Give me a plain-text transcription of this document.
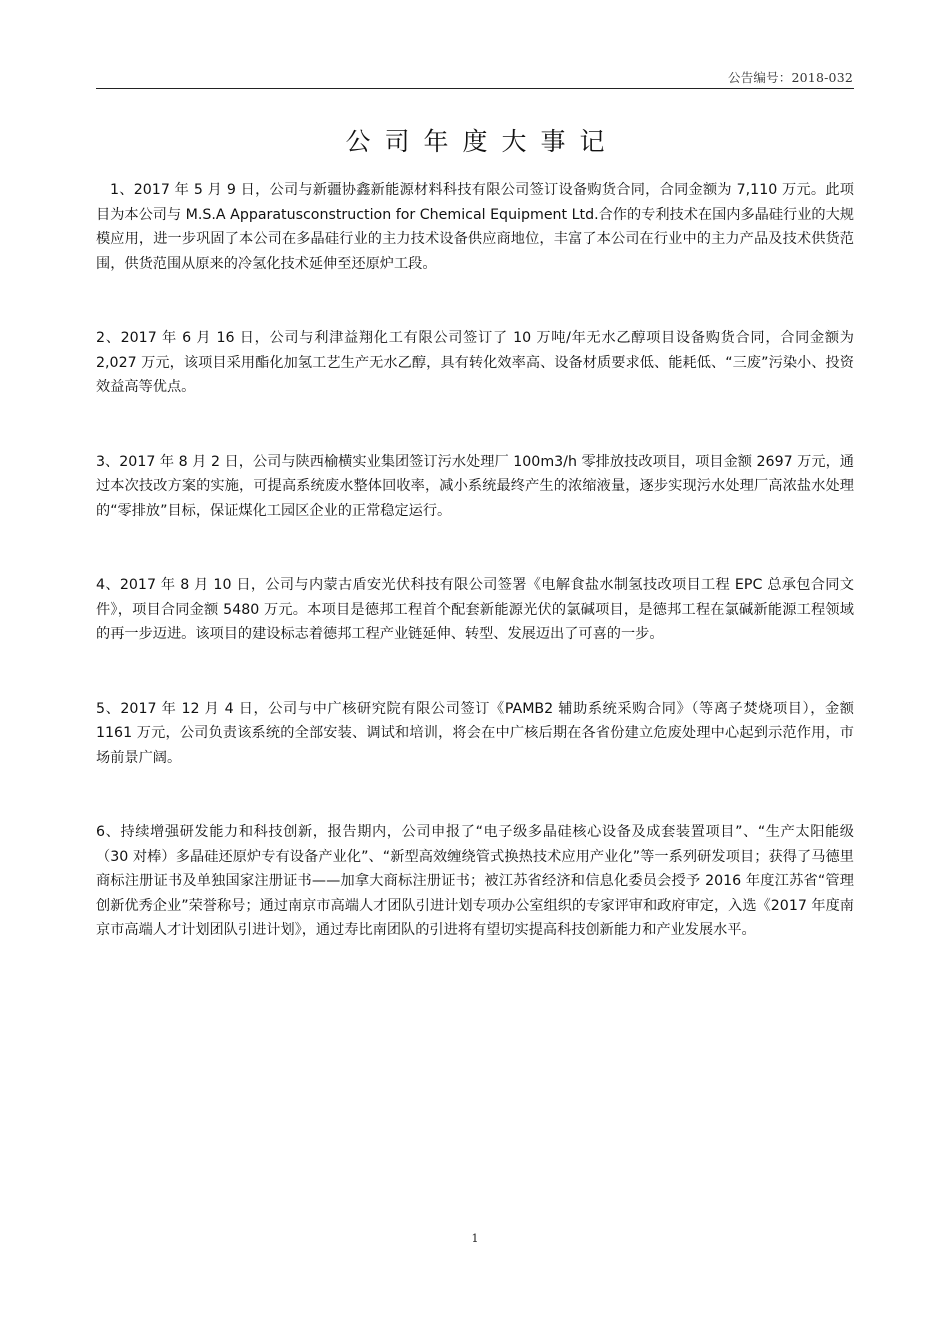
公告编号：2018-032
公司年度大事记

1、2017 年 5 月 9 日，公司与新疆协鑫新能源材料科技有限公司签订设备购货合同，合同金额为 7,110 万元。此项目为本公司与 M.S.A Apparatusconstruction for Chemical Equipment Ltd.合作的专利技术在国内多晶硅行业的大规模应用，进一步巩固了本公司在多晶硅行业的主力技术设备供应商地位，丰富了本公司在行业中的主力产品及技术供货范围，供货范围从原来的冷氢化技术延伸至还原炉工段。

2、2017 年 6 月 16 日，公司与利津益翔化工有限公司签订了 10 万吨/年无水乙醇项目设备购货合同，合同金额为 2,027 万元，该项目采用酯化加氢工艺生产无水乙醇，具有转化效率高、设备材质要求低、能耗低、“三废”污染小、投资效益高等优点。

3、2017 年 8 月 2 日，公司与陕西榆横实业集团签订污水处理厂 100m3/h 零排放技改项目，项目金额 2697 万元，通过本次技改方案的实施，可提高系统废水整体回收率，减小系统最终产生的浓缩液量，逐步实现污水处理厂高浓盐水处理的“零排放”目标，保证煤化工园区企业的正常稳定运行。

4、2017 年 8 月 10 日，公司与内蒙古盾安光伏科技有限公司签署《电解食盐水制氢技改项目工程 EPC 总承包合同文件》，项目合同金额 5480 万元。本项目是德邦工程首个配套新能源光伏的氯碱项目，是德邦工程在氯碱新能源工程领域的再一步迈进。该项目的建设标志着德邦工程产业链延伸、转型、发展迈出了可喜的一步。

5、2017 年 12 月 4 日，公司与中广核研究院有限公司签订《PAMB2 辅助系统采购合同》（等离子焚烧项目），金额 1161 万元，公司负责该系统的全部安装、调试和培训，将会在中广核后期在各省份建立危废处理中心起到示范作用，市场前景广阔。

6、持续增强研发能力和科技创新，报告期内，公司申报了“电子级多晶硅核心设备及成套装置项目”、“生产太阳能级（30 对棒）多晶硅还原炉专有设备产业化”、“新型高效缠绕管式换热技术应用产业化”等一系列研发项目；获得了马德里商标注册证书及单独国家注册证书——加拿大商标注册证书；被江苏省经济和信息化委员会授予 2016 年度江苏省“管理创新优秀企业”荣誉称号；通过南京市高端人才团队引进计划专项办公室组织的专家评审和政府审定，入选《2017 年度南京市高端人才计划团队引进计划》，通过寿比南团队的引进将有望切实提高科技创新能力和产业发展水平。

1
